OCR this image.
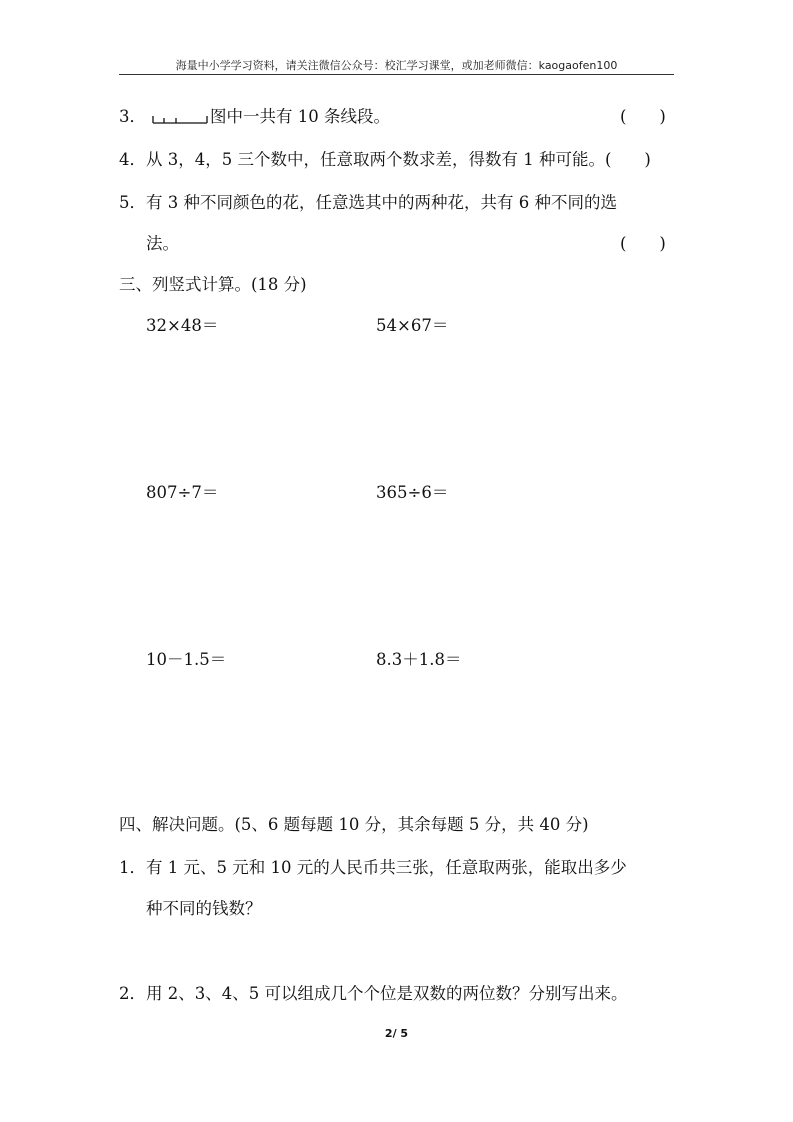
海量中小学学习资料，请关注微信公众号：校汇学习课堂，或加老师微信：kaogaofen100
3．	图中一共有 10 条线段。	(　　)
4．从 3，4，5 三个数中，任意取两个数求差，得数有 1 种可能。(　　)
5．有 3 种不同颜色的花，任意选其中的两种花，共有 6 种不同的选
法。	(　　)
三、列竖式计算。(18 分)
32×48＝	54×67＝
807÷7＝	365÷6＝
10－1.5＝	8.3＋1.8＝
四、解决问题。(5、6 题每题 10 分，其余每题 5 分，共 40 分)
1．有 1 元、5 元和 10 元的人民币共三张，任意取两张，能取出多少
种不同的钱数？
2．用 2、3、4、5 可以组成几个个位是双数的两位数？分别写出来。
2/ 5
